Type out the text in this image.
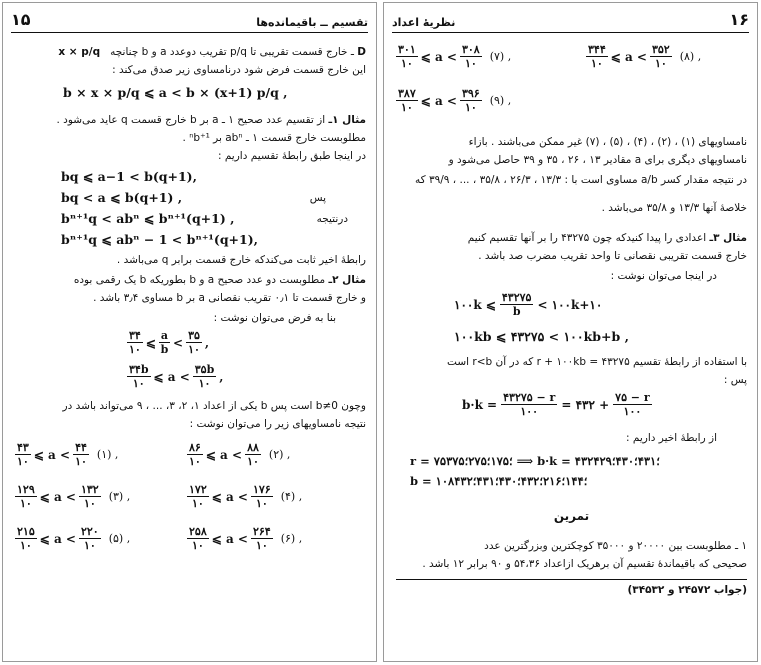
۱۵	تقسیم ــ باقیمانده‌ها
D ـ خارج قسمت تقریبی تا p/q تقریب دوعدد a و b چنانچه   x × p/q
این خارج قسمت فرض شود درنامساوی زیر صدق می‌کند :
b × x × p/q ⩽ a < b × (x+1) p/q ,
مثال ۱ـ از تقسیم عدد صحیح ۱ ـ a بر b خارج قسمت q عاید می‌شود .
مطلوبست خارج قسمت ۱ ـ abⁿ بر ¹⁺ⁿb .
در اینجا طبق رابطهٔ تقسیم داریم :
bq ⩽ a−1 < b(q+1),
bq < a ⩽ b(q+1) ,	پس
bⁿ⁺¹q < abⁿ ⩽ bⁿ⁺¹(q+1) ,	درنتیجه
bⁿ⁺¹q ⩽ abⁿ − 1 < bⁿ⁺¹(q+1),
رابطهٔ اخیر ثابت می‌کندکه خارج قسمت برابر q می‌باشد .
مثال ۲ـ مطلوبست دو عدد صحیح a و b بطوریکه b یک رقمی بوده
و خارج قسمت تا ۰٫۱ تقریب نقصانی a بر b مساوی ۳٫۴ باشد .
بنا به فرض می‌توان نوشت :
$\frac{۳۴}{۱۰}$ ⩽ $\frac{a}{b} < \frac{۳۵}{۱۰}$ ,
$\frac{۳۴b}{۱۰}$ ⩽ $a < \frac{۳۵b}{۱۰}$ ,
وچون b≠0 است پس b یکی از اعداد ۱، ۲، ۳، ... ، ۹ می‌تواند باشد در
نتیجه نامساویهای زیر را می‌توان نوشت :
$\frac{۴۳}{۱۰}$ ⩽ $a < \frac{۴۴}{۱۰}$ (۱) ,	$\frac{۸۶}{۱۰}$ ⩽ $a < \frac{۸۸}{۱۰}$ (۲) ,
$\frac{۱۲۹}{۱۰}$ ⩽ $a < \frac{۱۳۲}{۱۰}$ (۳) ,	$\frac{۱۷۲}{۱۰}$ ⩽ $a < \frac{۱۷۶}{۱۰}$ (۴) ,
$\frac{۲۱۵}{۱۰}$ ⩽ $a < \frac{۲۲۰}{۱۰}$ (۵) ,	$\frac{۲۵۸}{۱۰}$ ⩽ $a < \frac{۲۶۴}{۱۰}$ (۶) ,
نظریهٔ اعداد	۱۶
$\frac{۳۰۱}{۱۰}$ ⩽ $a < \frac{۳۰۸}{۱۰}$ (۷) ,	$\frac{۳۴۴}{۱۰}$ ⩽ $a < \frac{۳۵۲}{۱۰}$ (۸) ,
$\frac{۳۸۷}{۱۰}$ ⩽ $a < \frac{۳۹۶}{۱۰}$ (۹) ,
نامساویهای (۱) ، (۲) ، (۴) ، (۵) ، (۷) غیر ممکن می‌باشند . بازاء
نامساویهای دیگری برای a مقادیر ۱۳ ، ۲۶ ، ۳۵ و ۳۹ حاصل می‌شود و
در نتیجه مقدار کسر a/b مساوی است با : ۱۳/۳ ، ۲۶/۳ ، ۳۵/۸ ، ... ، ۳۹/۹ که
خلاصهٔ آنها ۱۳/۳ و ۳۵/۸ می‌باشد .
مثال ۳ـ اعدادی را پیدا کنیدکه چون ۴۳۲۷۵ را بر آنها تقسیم کنیم
خارج قسمت تقریبی نقصانی تا واحد تقریب مضرب صد باشد .
در اینجا می‌توان نوشت :
۱۰۰k ⩽ $\frac{۴۳۲۷۵}{b}$ < ۱۰۰k+۱۰
۱۰۰kb ⩽ ۴۳۲۷۵ < ۱۰۰kb+b ,
با استفاده از رابطهٔ تقسیم ۴۳۲۷۵ = r + ۱۰۰kb که در آن r<b است
پس :
$b\cdot k = \frac{۴۳۲۷۵ - r}{۱۰۰}$ = ۴۳۲ + $\frac{۷۵ - r}{۱۰۰}$
از رابطهٔ اخیر داریم :
r = ۷۵؛۱۷۵؛۲۷۵؛۳۷۵ ⟹ b·k = ۴۳۲؛۴۳۱؛۴۳۰؛۴۲۹
b = ۱۰۸؛۱۴۴؛۲۱۶؛۴۳۲؛۴۳۰؛۴۳۱؛۴۳۲
تمرین
۱ ـ مطلوبست بین ۲۰۰۰۰ و ۳۵۰۰۰ کوچکترین وبزرگترین عدد
صحیحی که باقیماندهٔ تقسیم آن برهریک ازاعداد ۵۴،۳۶ و ۹۰ برابر ۱۲ باشد .
(جواب ۲۴۵۷۲ و ۳۴۵۳۲)
